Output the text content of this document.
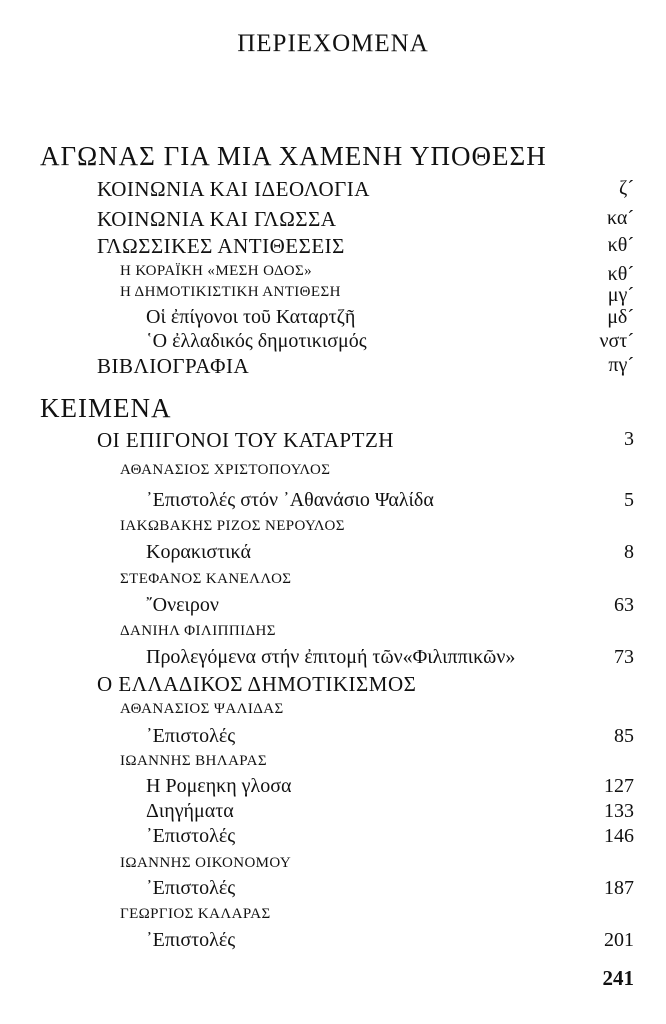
ΠΕΡΙΕΧΟΜΕΝΑ
ΑΓΩΝΑΣ ΓΙΑ ΜΙΑ ΧΑΜΕΝΗ ΥΠΟΘΕΣΗ
ΚΟΙΝΩΝΙΑ ΚΑΙ ΙΔΕΟΛΟΓΙΑ	ζ´
ΚΟΙΝΩΝΙΑ ΚΑΙ ΓΛΩΣΣΑ	κα´
ΓΛΩΣΣΙΚΕΣ ΑΝΤΙΘΕΣΕΙΣ	κθ´
Η ΚΟΡΑΪΚΗ «ΜΕΣΗ ΟΔΟΣ»	κθ´
Η ΔΗΜΟΤΙΚΙΣΤΙΚΗ ΑΝΤΙΘΕΣΗ	μγ´
Οἱ ἐπίγονοι τοῦ Καταρτζῆ	μδ´
῾Ο ἐλλαδικός δημοτικισμός	νστ´
ΒΙΒΛΙΟΓΡΑΦΙΑ	πγ´
ΚΕΙΜΕΝΑ
ΟΙ ΕΠΙΓΟΝΟΙ ΤΟΥ ΚΑΤΑΡΤΖΗ	3
ΑΘΑΝΑΣΙΟΣ ΧΡΙΣΤΟΠΟΥΛΟΣ
᾿Επιστολές στόν ᾿Αθανάσιο Ψαλίδα	5
ΙΑΚΩΒΑΚΗΣ ΡΙΖΟΣ ΝΕΡΟΥΛΟΣ
Κορακιστικά	8
ΣΤΕΦΑΝΟΣ ΚΑΝΕΛΛΟΣ
῎Ονειρον	63
ΔΑΝΙΗΛ ΦΙΛΙΠΠΙΔΗΣ
Προλεγόμενα στήν ἐπιτομή τῶν«Φιλιππικῶν»	73
Ο ΕΛΛΑΔΙΚΟΣ ΔΗΜΟΤΙΚΙΣΜΟΣ
ΑΘΑΝΑΣΙΟΣ ΨΑΛΙΔΑΣ
᾿Επιστολές	85
ΙΩΑΝΝΗΣ ΒΗΛΑΡΑΣ
Η Ρομεηκη γλοσα	127
Διηγήματα	133
᾿Επιστολές	146
ΙΩΑΝΝΗΣ ΟΙΚΟΝΟΜΟΥ
᾿Επιστολές	187
ΓΕΩΡΓΙΟΣ ΚΑΛΑΡΑΣ
᾿Επιστολές	201
241
